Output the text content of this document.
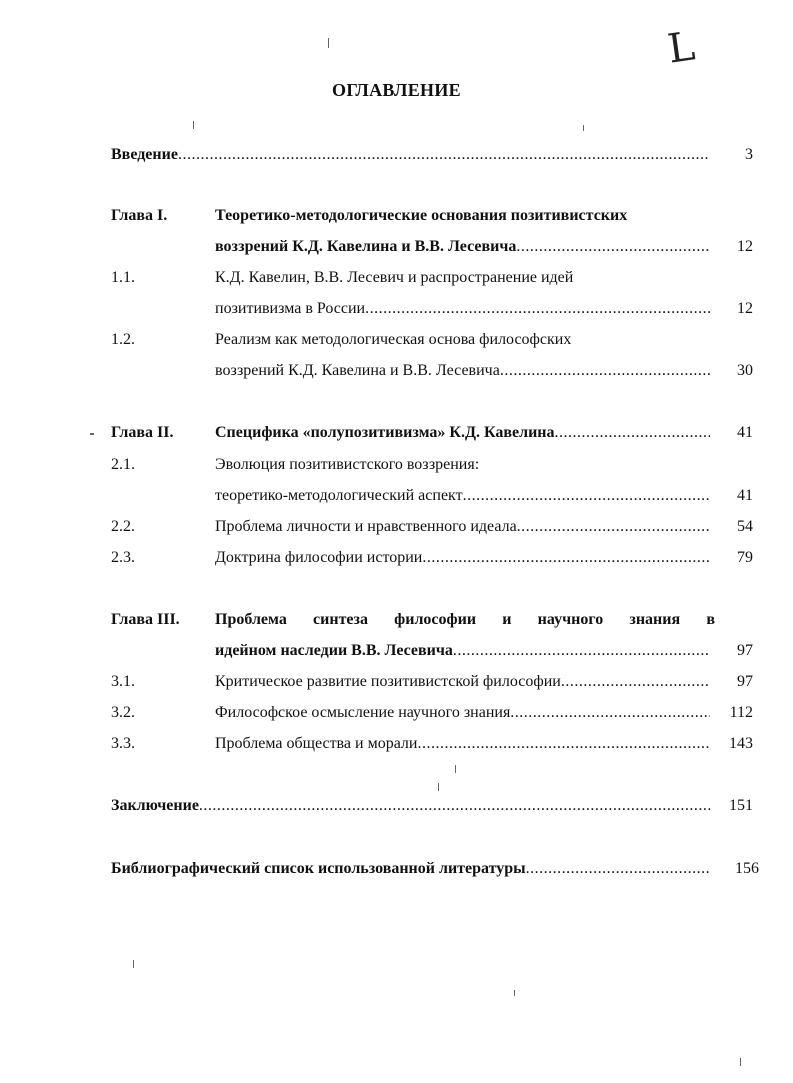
L
ОГЛАВЛЕНИЕ
Введение .....	3
Глава I.	Теоретико-методологические основания позитивистских
воззрений К.Д. Кавелина и В.В. Лесевича .....	12
1.1.	К.Д. Кавелин, В.В. Лесевич и распространение идей
позитивизма в России .....	12
1.2.	Реализм как методологическая основа философских
воззрений К.Д. Кавелина и В.В. Лесевича .....	30
Глава II.	Специфика «полупозитивизма» К.Д. Кавелина .....	41
2.1.	Эволюция позитивистского воззрения:
теоретико-методологический аспект .....	41
2.2.	Проблема личности и нравственного идеала .....	54
2.3.	Доктрина философии истории .....	79
Глава III. Проблема синтеза философии и научного знания в
идейном наследии В.В. Лесевича .....	97
3.1.	Критическое развитие позитивистской философии .....	97
3.2.	Философское осмысление научного знания .....	112
3.3.	Проблема общества и морали .....	143
Заключение .....	151
Библиографический список использованной литературы .....	156
